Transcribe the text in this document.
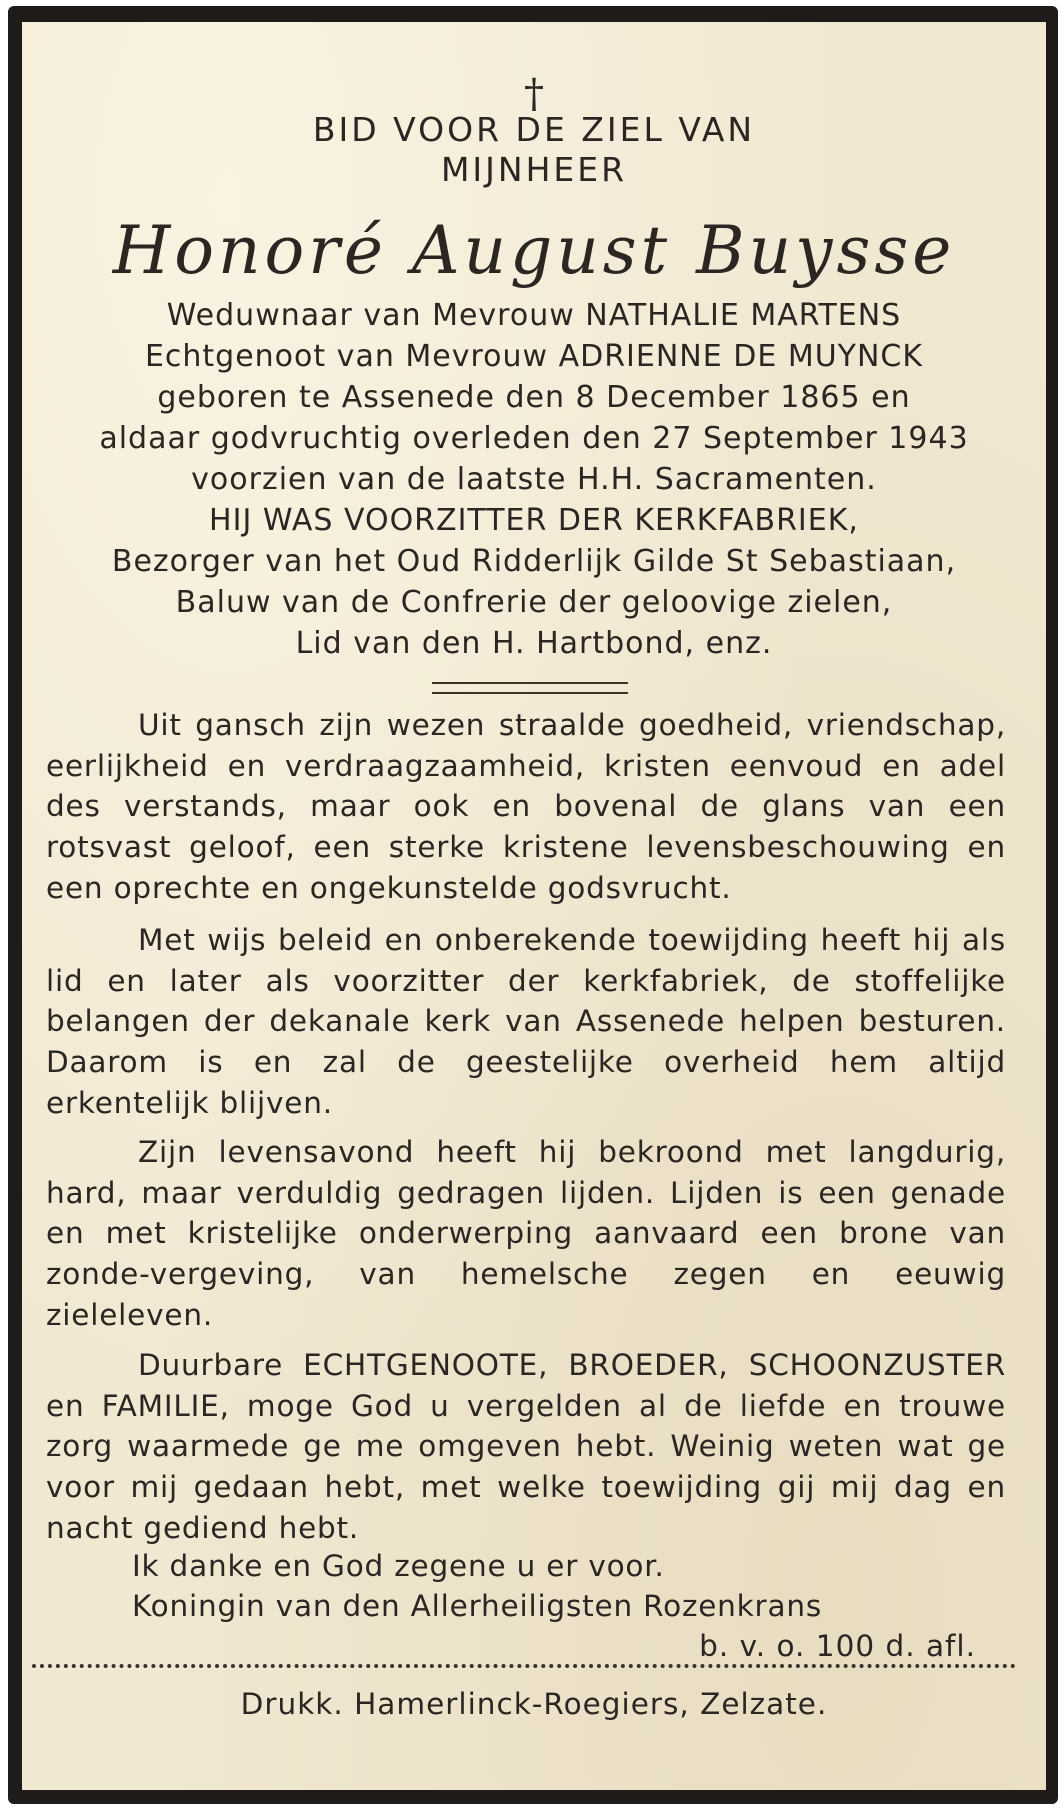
†
BID VOOR DE ZIEL VAN
MIJNHEER
Honoré August Buysse
Weduwnaar van Mevrouw NATHALIE MARTENS
Echtgenoot van Mevrouw ADRIENNE DE MUYNCK
geboren te Assenede den 8 December 1865 en
aldaar godvruchtig overleden den 27 September 1943
voorzien van de laatste H.H. Sacramenten.
HIJ WAS VOORZITTER DER KERKFABRIEK,
Bezorger van het Oud Ridderlijk Gilde St Sebastiaan,
Baluw van de Confrerie der geloovige zielen,
Lid van den H. Hartbond, enz.
Uit gansch zijn wezen straalde goedheid, vriendschap, eerlijkheid en verdraagzaamheid, kristen eenvoud en adel des verstands, maar ook en bovenal de glans van een rotsvast geloof, een sterke kristene levensbeschouwing en een oprechte en ongekunstelde godsvrucht.
Met wijs beleid en onberekende toewijding heeft hij als lid en later als voorzitter der kerkfabriek, de stoffelijke belangen der dekanale kerk van Assenede helpen besturen. Daarom is en zal de geestelijke overheid hem altijd erkentelijk blijven.
Zijn levensavond heeft hij bekroond met langdurig, hard, maar verduldig gedragen lijden. Lijden is een genade en met kristelijke onderwerping aanvaard een brone van zonde-vergeving, van hemelsche zegen en eeuwig zieleleven.
Duurbare ECHTGENOOTE, BROEDER, SCHOONZUSTER en FAMILIE, moge God u vergelden al de liefde en trouwe zorg waarmede ge me omgeven hebt. Weinig weten wat ge voor mij gedaan hebt, met welke toewijding gij mij dag en nacht gediend hebt.
Ik danke en God zegene u er voor.
Koningin van den Allerheiligsten Rozenkrans
b. v. o. 100 d. afl.
Drukk. Hamerlinck-Roegiers, Zelzate.
